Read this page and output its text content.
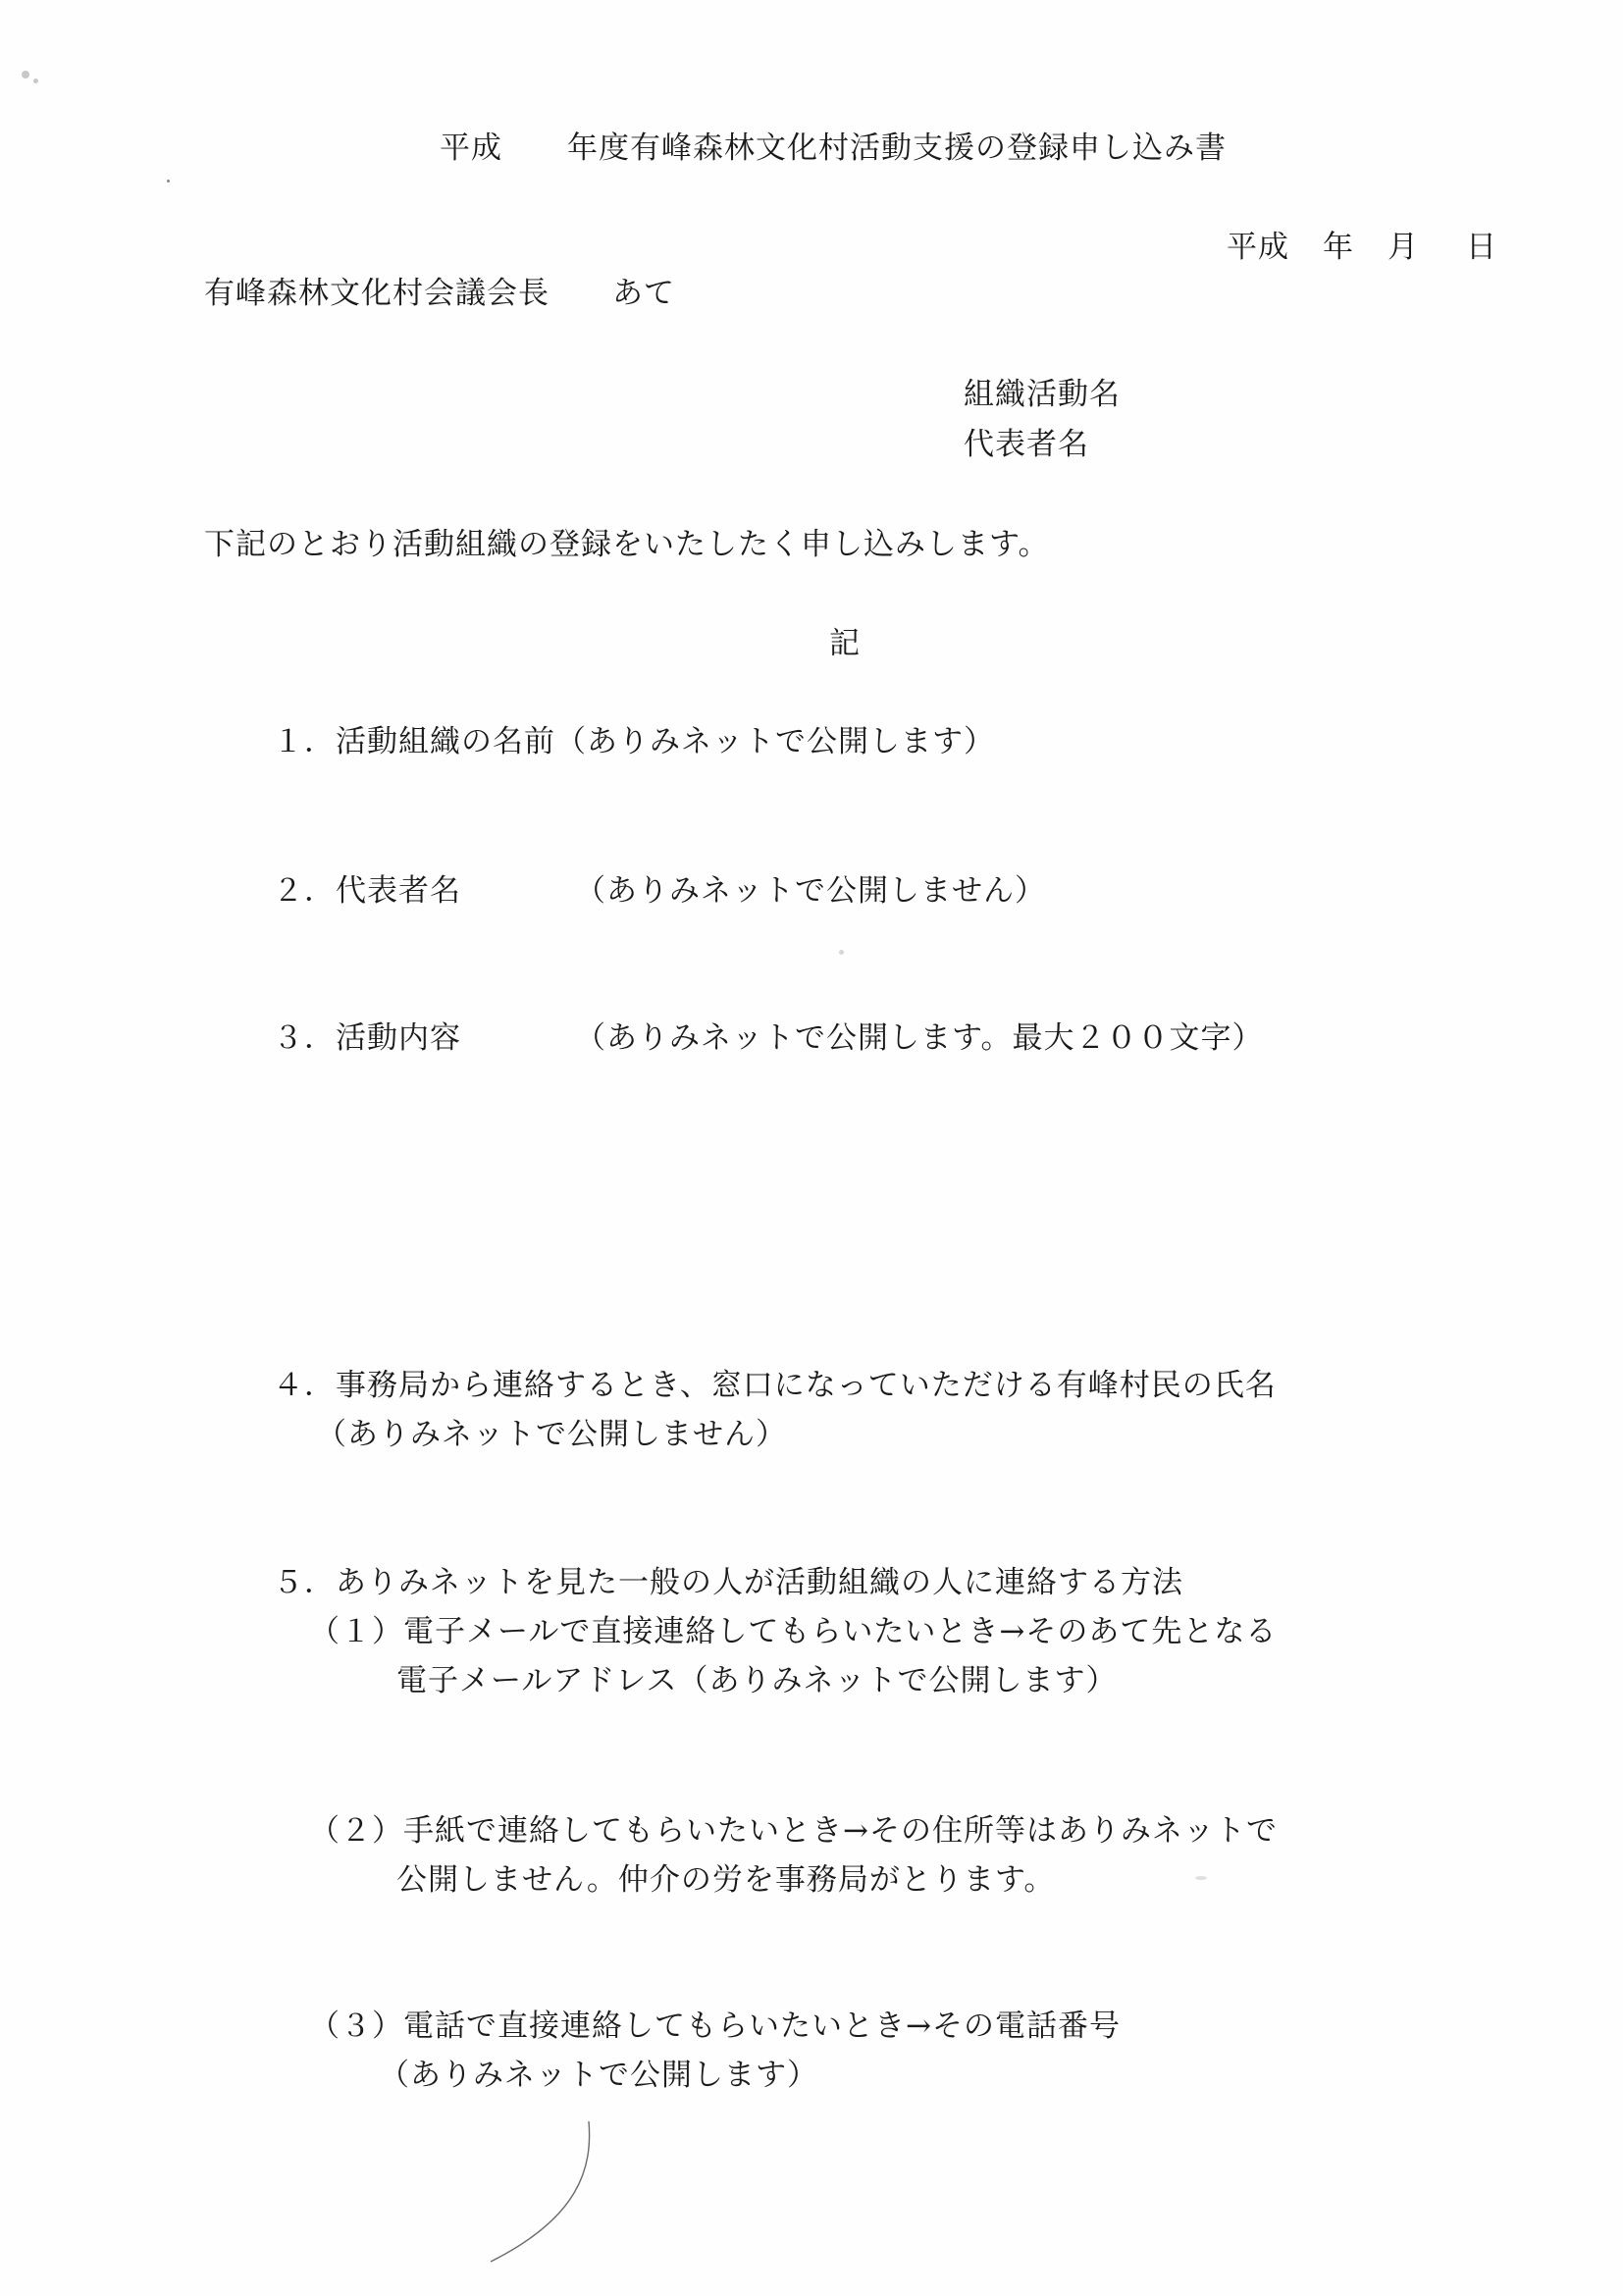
平成 年度有峰森林文化村活動支援の登録申し込み書
平成 年 月 日
有峰森林文化村会議会長 あて
組織活動名
代表者名
下記のとおり活動組織の登録をいたしたく申し込みします。
記
１．活動組織の名前（ありみネットで公開します）
２．代表者名	（ありみネットで公開しません）
３．活動内容	（ありみネットで公開します。最大２００文字）
４．事務局から連絡するとき、窓口になっていただける有峰村民の氏名
（ありみネットで公開しません）
５．ありみネットを見た一般の人が活動組織の人に連絡する方法
（１）電子メールで直接連絡してもらいたいとき→そのあて先となる
電子メールアドレス（ありみネットで公開します）
（２）手紙で連絡してもらいたいとき→その住所等はありみネットで
公開しません。仲介の労を事務局がとります。
（３）電話で直接連絡してもらいたいとき→その電話番号
（ありみネットで公開します）
